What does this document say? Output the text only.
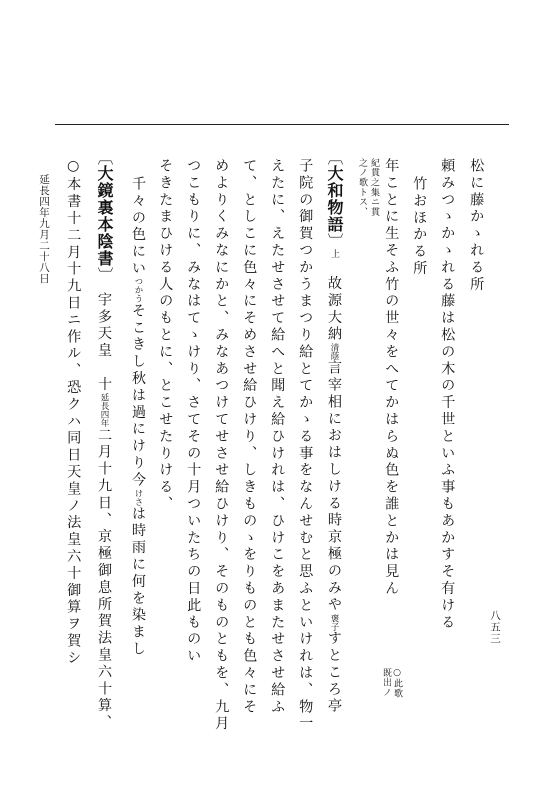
八五三
松に藤かゝれる所
頼みつゝかゝれる藤は松の木の千世といふ事もあかすそ有ける
竹おほかる所
年ことに生そふ竹の世々をへてかはらぬ色を誰とかは見ん
○此歌
既出ノ
紀貫之集ニ貫
之ノ歌トス、
〔大和物語〕上　故源大納清蔭言宰相におはしける時京極のみや褒子すところ亭
子院の御賀つかうまつり給とてかゝる事をなんせむと思ふといけれは、物一
えたに、えたせさせて給へと聞え給ひけれは、ひけこをあまたせさせ給ふ
て、としこに色々にそめさせ給ひけり、しきものゝをりものとも色々にそ
めよりくみなにかと、みなあつけてせさせ給ひけり、そのものともを、九月
つこもりに、みなはてゝけり、さてその十月ついたちの日此ものい
そきたまひける人のもとに、とこせたりける、
千々の色にいつかうそこきし秋は過にけり今けさは時雨に何を染まし
〔大鏡裏本陰書〕　宇多天皇　十延長四年二月十九日、京極御息所賀法皇六十算、
○本書十二月十九日ニ作ル、恐クハ同日天皇ノ法皇六十御算ヲ賀シ
延長四年九月二十八日
